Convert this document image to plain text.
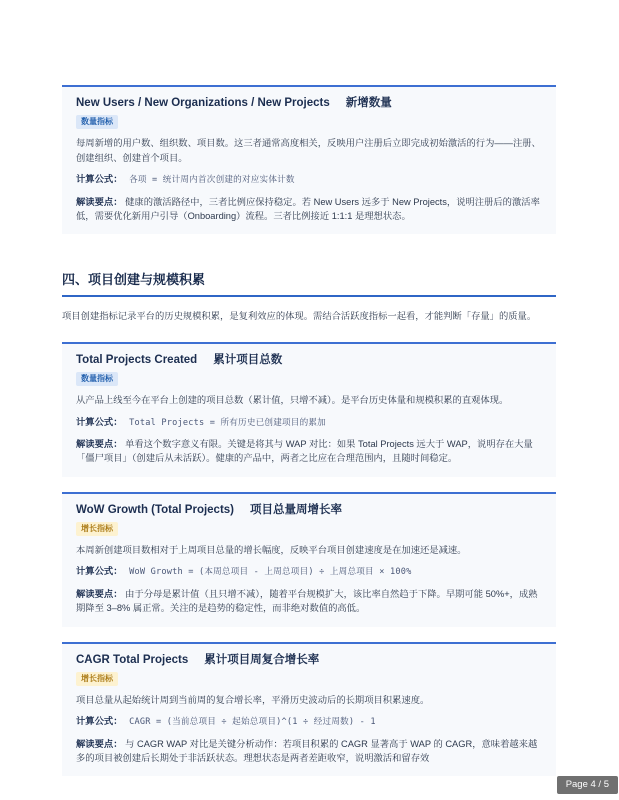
New Users / New Organizations / New Projects 新增数量
数量指标

每周新增的用户数、组织数、项目数。这三者通常高度相关，反映用户注册后立即完成初始激活的行为——注册、创建组织、创建首个项目。

计算公式： 各项 = 统计周内首次创建的对应实体计数

解读要点： 健康的激活路径中，三者比例应保持稳定。若 New Users 远多于 New Projects，说明注册后的激活率低，需要优化新用户引导（Onboarding）流程。三者比例接近 1:1:1 是理想状态。

四、项目创建与规模积累

项目创建指标记录平台的历史规模积累，是复利效应的体现。需结合活跃度指标一起看，才能判断「存量」的质量。

Total Projects Created 累计项目总数
数量指标

从产品上线至今在平台上创建的项目总数（累计值，只增不减）。是平台历史体量和规模积累的直观体现。

计算公式： Total Projects = 所有历史已创建项目的累加

解读要点： 单看这个数字意义有限。关键是将其与 WAP 对比：如果 Total Projects 远大于 WAP，说明存在大量「僵尸项目」（创建后从未活跃）。健康的产品中，两者之比应在合理范围内，且随时间稳定。

WoW Growth (Total Projects) 项目总量周增长率
增长指标

本周新创建项目数相对于上周项目总量的增长幅度，反映平台项目创建速度是在加速还是减速。

计算公式： WoW Growth = (本周总项目 - 上周总项目) ÷ 上周总项目 × 100%

解读要点： 由于分母是累计值（且只增不减），随着平台规模扩大，该比率自然趋于下降。早期可能 50%+，成熟期降至 3–8% 属正常。关注的是趋势的稳定性，而非绝对数值的高低。

CAGR Total Projects 累计项目周复合增长率
增长指标

项目总量从起始统计周到当前周的复合增长率，平滑历史波动后的长期项目积累速度。

计算公式： CAGR = (当前总项目 ÷ 起始总项目)^(1 ÷ 经过周数) - 1

解读要点： 与 CAGR WAP 对比是关键分析动作：若项目积累的 CAGR 显著高于 WAP 的 CAGR，意味着越来越多的项目被创建后长期处于非活跃状态。理想状态是两者差距收窄，说明激活和留存效

Page 4 / 5
